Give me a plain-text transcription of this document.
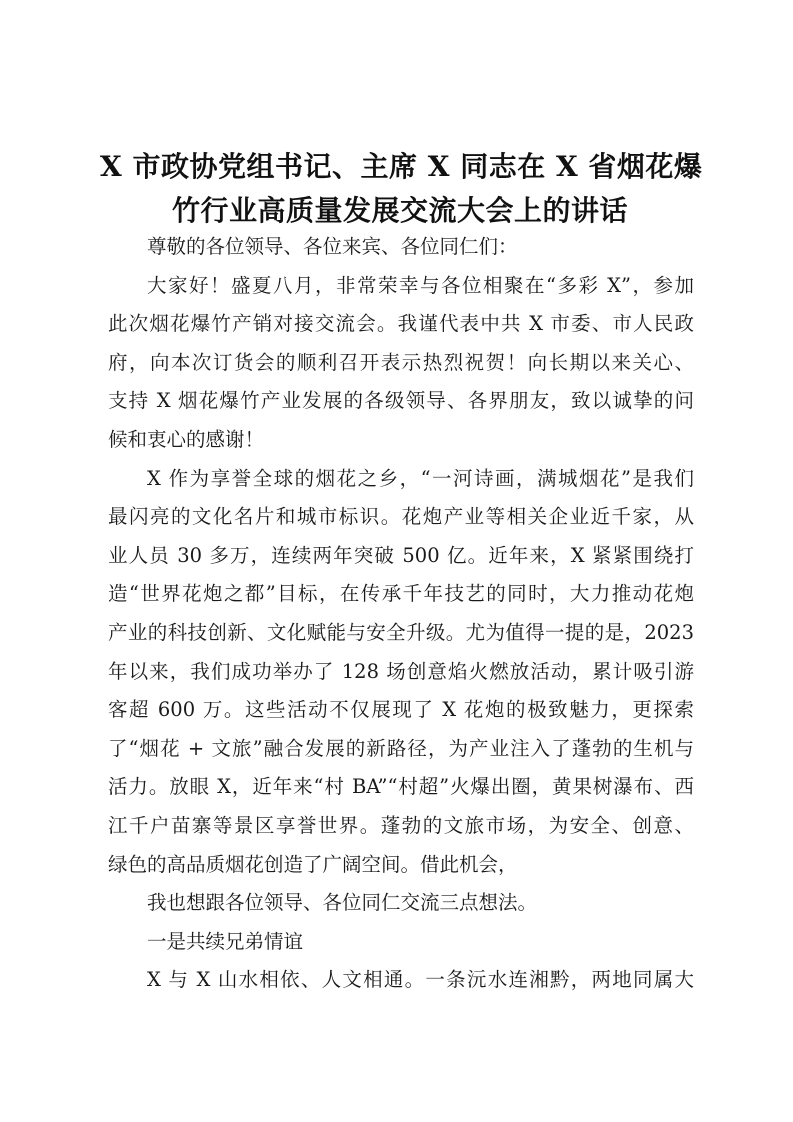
X 市政协党组书记、主席 X 同志在 X 省烟花爆
竹行业高质量发展交流大会上的讲话
尊敬的各位领导、各位来宾、各位同仁们：
大家好！盛夏八月，非常荣幸与各位相聚在“多彩 X”，参加
此次烟花爆竹产销对接交流会。我谨代表中共 X 市委、市人民政
府，向本次订货会的顺利召开表示热烈祝贺！向长期以来关心、
支持 X 烟花爆竹产业发展的各级领导、各界朋友，致以诚挚的问
候和衷心的感谢！
X 作为享誉全球的烟花之乡，“一河诗画，满城烟花”是我们
最闪亮的文化名片和城市标识。花炮产业等相关企业近千家，从
业人员 30 多万，连续两年突破 500 亿。近年来，X 紧紧围绕打
造“世界花炮之都”目标，在传承千年技艺的同时，大力推动花炮
产业的科技创新、文化赋能与安全升级。尤为值得一提的是，2023
年以来，我们成功举办了 128 场创意焰火燃放活动，累计吸引游
客超 600 万。这些活动不仅展现了 X 花炮的极致魅力，更探索
了“烟花 + 文旅”融合发展的新路径，为产业注入了蓬勃的生机与
活力。放眼 X，近年来“村 BA”“村超”火爆出圈，黄果树瀑布、西
江千户苗寨等景区享誉世界。蓬勃的文旅市场，为安全、创意、
绿色的高品质烟花创造了广阔空间。借此机会，
我也想跟各位领导、各位同仁交流三点想法。
一是共续兄弟情谊
X 与 X 山水相依、人文相通。一条沅水连湘黔，两地同属大
